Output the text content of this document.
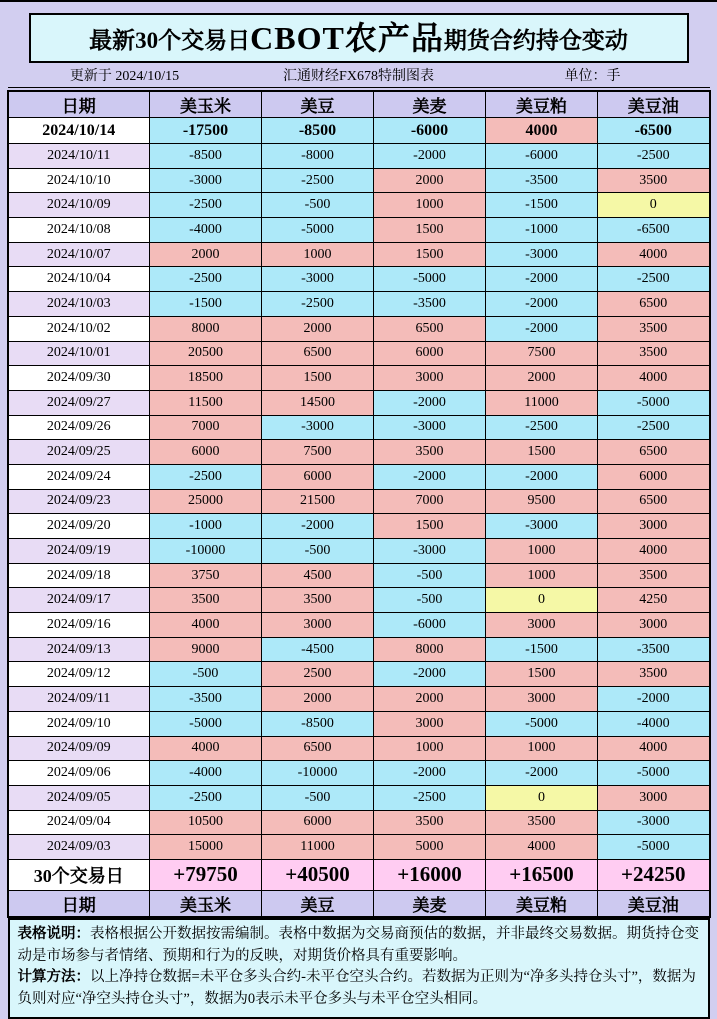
最新30个交易日 CBOT农产品 期货合约持仓变动
更新于 2024/10/15	汇通财经FX678特制图表	单位：手
日期	美玉米	美豆	美麦	美豆粕	美豆油
2024/10/14	-17500	-8500	-6000	4000	-6500
2024/10/11	-8500	-8000	-2000	-6000	-2500
2024/10/10	-3000	-2500	2000	-3500	3500
2024/10/09	-2500	-500	1000	-1500	0
2024/10/08	-4000	-5000	1500	-1000	-6500
2024/10/07	2000	1000	1500	-3000	4000
2024/10/04	-2500	-3000	-5000	-2000	-2500
2024/10/03	-1500	-2500	-3500	-2000	6500
2024/10/02	8000	2000	6500	-2000	3500
2024/10/01	20500	6500	6000	7500	3500
2024/09/30	18500	1500	3000	2000	4000
2024/09/27	11500	14500	-2000	11000	-5000
2024/09/26	7000	-3000	-3000	-2500	-2500
2024/09/25	6000	7500	3500	1500	6500
2024/09/24	-2500	6000	-2000	-2000	6000
2024/09/23	25000	21500	7000	9500	6500
2024/09/20	-1000	-2000	1500	-3000	3000
2024/09/19	-10000	-500	-3000	1000	4000
2024/09/18	3750	4500	-500	1000	3500
2024/09/17	3500	3500	-500	0	4250
2024/09/16	4000	3000	-6000	3000	3000
2024/09/13	9000	-4500	8000	-1500	-3500
2024/09/12	-500	2500	-2000	1500	3500
2024/09/11	-3500	2000	2000	3000	-2000
2024/09/10	-5000	-8500	3000	-5000	-4000
2024/09/09	4000	6500	1000	1000	4000
2024/09/06	-4000	-10000	-2000	-2000	-5000
2024/09/05	-2500	-500	-2500	0	3000
2024/09/04	10500	6000	3500	3500	-3000
2024/09/03	15000	11000	5000	4000	-5000
30个交易日	+79750	+40500	+16000	+16500	+24250
日期	美玉米	美豆	美麦	美豆粕	美豆油
表格说明：表格根据公开数据按需编制。表格中数据为交易商预估的数据，并非最终交易数据。期货持仓变动是市场参与者情绪、预期和行为的反映，对期货价格具有重要影响。
计算方法：以上净持仓数据=未平仓多头合约-未平仓空头合约。若数据为正则为“净多头持仓头寸”，数据为负则对应“净空头持仓头寸”，数据为0表示未平仓多头与未平仓空头相同。
